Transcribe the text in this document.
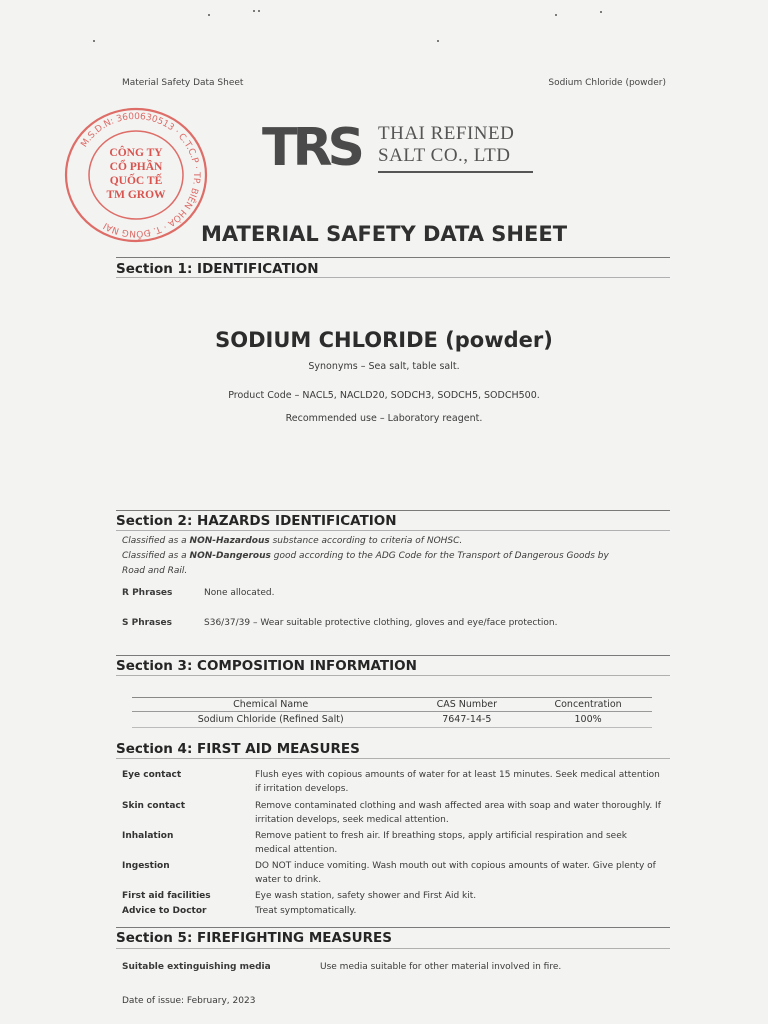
Material Safety Data Sheet	Sodium Chloride (powder)
M.S.D.N: 3600630513 · C.T.C.P · TP. BIÊN HÒA · T. ĐỒNG NAI
CÔNG TY
CỔ PHẦN
QUỐC TẾ
TM GROW
TRS THAI REFINED
SALT CO., LTD
MATERIAL SAFETY DATA SHEET
Section 1: IDENTIFICATION
SODIUM CHLORIDE (powder)
Synonyms – Sea salt, table salt.
Product Code – NACL5, NACLD20, SODCH3, SODCH5, SODCH500.
Recommended use – Laboratory reagent.
Section 2: HAZARDS IDENTIFICATION
Classified as a NON-Hazardous substance according to criteria of NOHSC.
Classified as a NON-Dangerous good according to the ADG Code for the Transport of Dangerous Goods by
Road and Rail.
R Phrases	None allocated.
S Phrases	S36/37/39 – Wear suitable protective clothing, gloves and eye/face protection.
Section 3: COMPOSITION INFORMATION
Chemical Name	CAS Number	Concentration
Sodium Chloride (Refined Salt)	7647-14-5	100%
Section 4: FIRST AID MEASURES
Eye contact	Flush eyes with copious amounts of water for at least 15 minutes. Seek medical attention if irritation develops.
Skin contact	Remove contaminated clothing and wash affected area with soap and water thoroughly. If irritation develops, seek medical attention.
Inhalation	Remove patient to fresh air. If breathing stops, apply artificial respiration and seek medical attention.
Ingestion	DO NOT induce vomiting. Wash mouth out with copious amounts of water. Give plenty of water to drink.
First aid facilities	Eye wash station, safety shower and First Aid kit.
Advice to Doctor	Treat symptomatically.
Section 5: FIREFIGHTING MEASURES
Suitable extinguishing media	Use media suitable for other material involved in fire.
Date of issue: February, 2023
